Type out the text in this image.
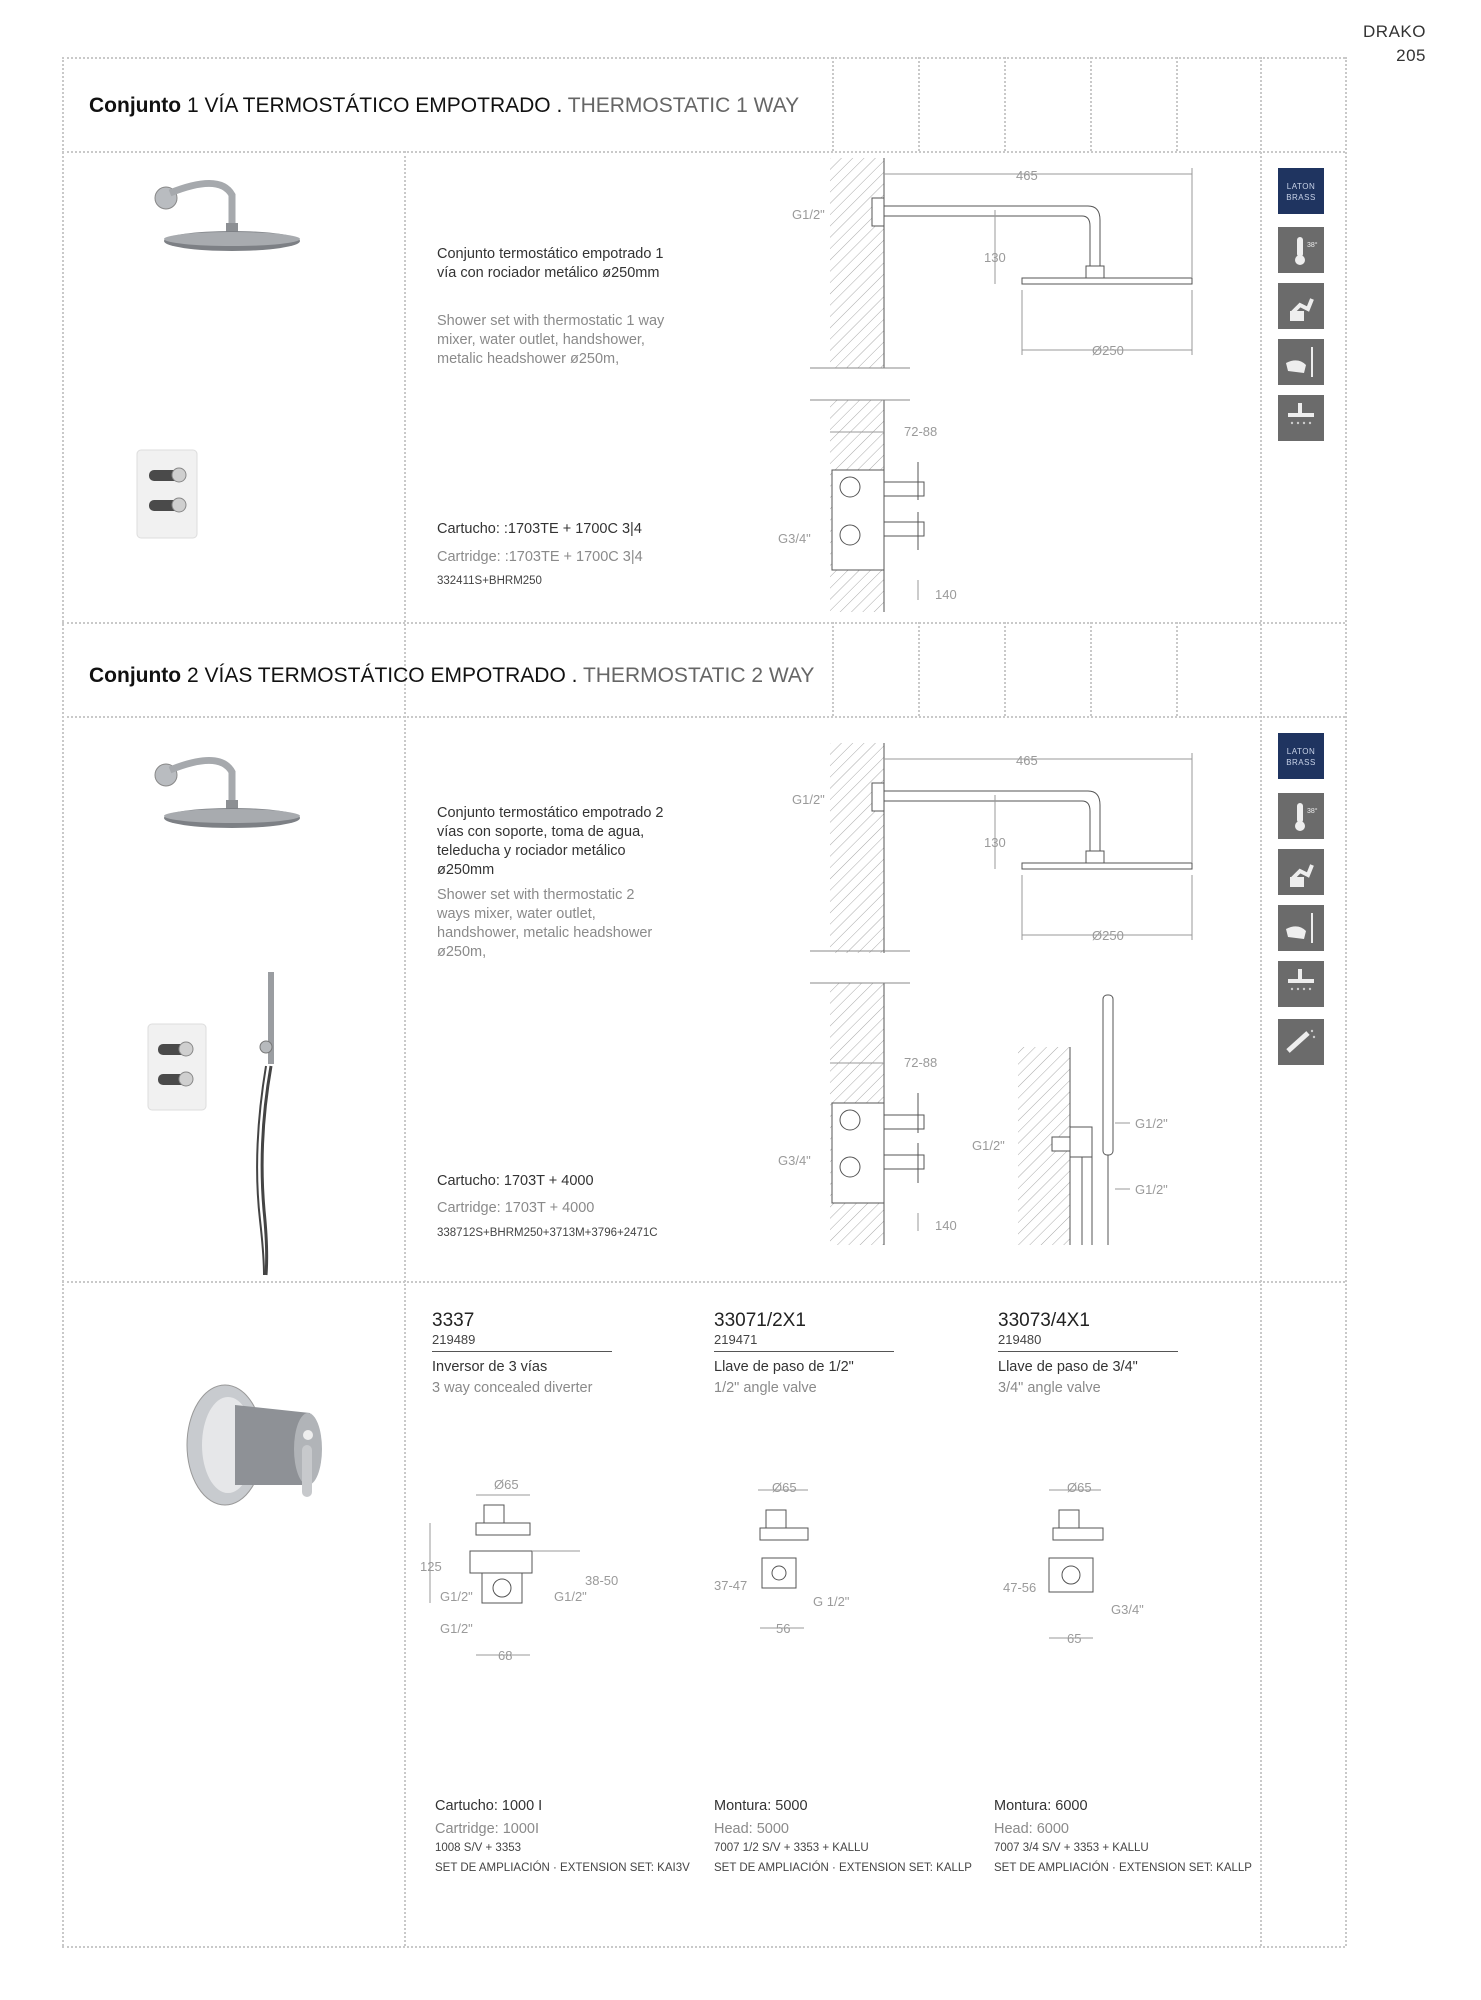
DRAKO
205
Conjunto 1 VÍA TERMOSTÁTICO EMPOTRADO . THERMOSTATIC 1 WAY
Conjunto termostático empotrado 1 vía con rociador metálico ø250mm
Shower set with thermostatic 1 way mixer, water outlet, handshower, metalic headshower ø250m,
Cartucho: :1703TE + 1700C 3|4
Cartridge: :1703TE + 1700C 3|4
332411S+BHRM250
465
130
Ø250
G1/2"
72-88
G3/4"
140
Conjunto 2 VÍAS TERMOSTÁTICO EMPOTRADO . THERMOSTATIC 2 WAY
Conjunto termostático empotrado 2 vías con soporte, toma de agua, teleducha y rociador metálico ø250mm
Shower set with thermostatic 2 ways mixer, water outlet, handshower, metalic headshower ø250m,
Cartucho: 1703T + 4000
Cartridge: 1703T + 4000
338712S+BHRM250+3713M+3796+2471C
465
130
Ø250
G1/2"
72-88
G3/4"
140
G1/2"
G1/2"
G1/2"
LATON BRASS
38°
LATON BRASS
38°
3337
219489
Inversor de 3 vías
3 way concealed diverter
Ø65
125
38-50
G1/2"	G1/2"
G1/2"
68
Cartucho: 1000 I
Cartridge: 1000I
1008 S/V + 3353
SET DE AMPLIACIÓN · EXTENSION SET: KAI3V
33071/2X1
219471
Llave de paso de 1/2"
1/2" angle valve
Ø65
37-47
G 1/2"
56
Montura: 5000
Head: 5000
7007 1/2 S/V + 3353 + KALLU
SET DE AMPLIACIÓN · EXTENSION SET: KALLP
33073/4X1
219480
Llave de paso de 3/4"
3/4" angle valve
Ø65
47-56
G3/4"
65
Montura: 6000
Head: 6000
7007 3/4 S/V + 3353 + KALLU
SET DE AMPLIACIÓN · EXTENSION SET: KALLP
